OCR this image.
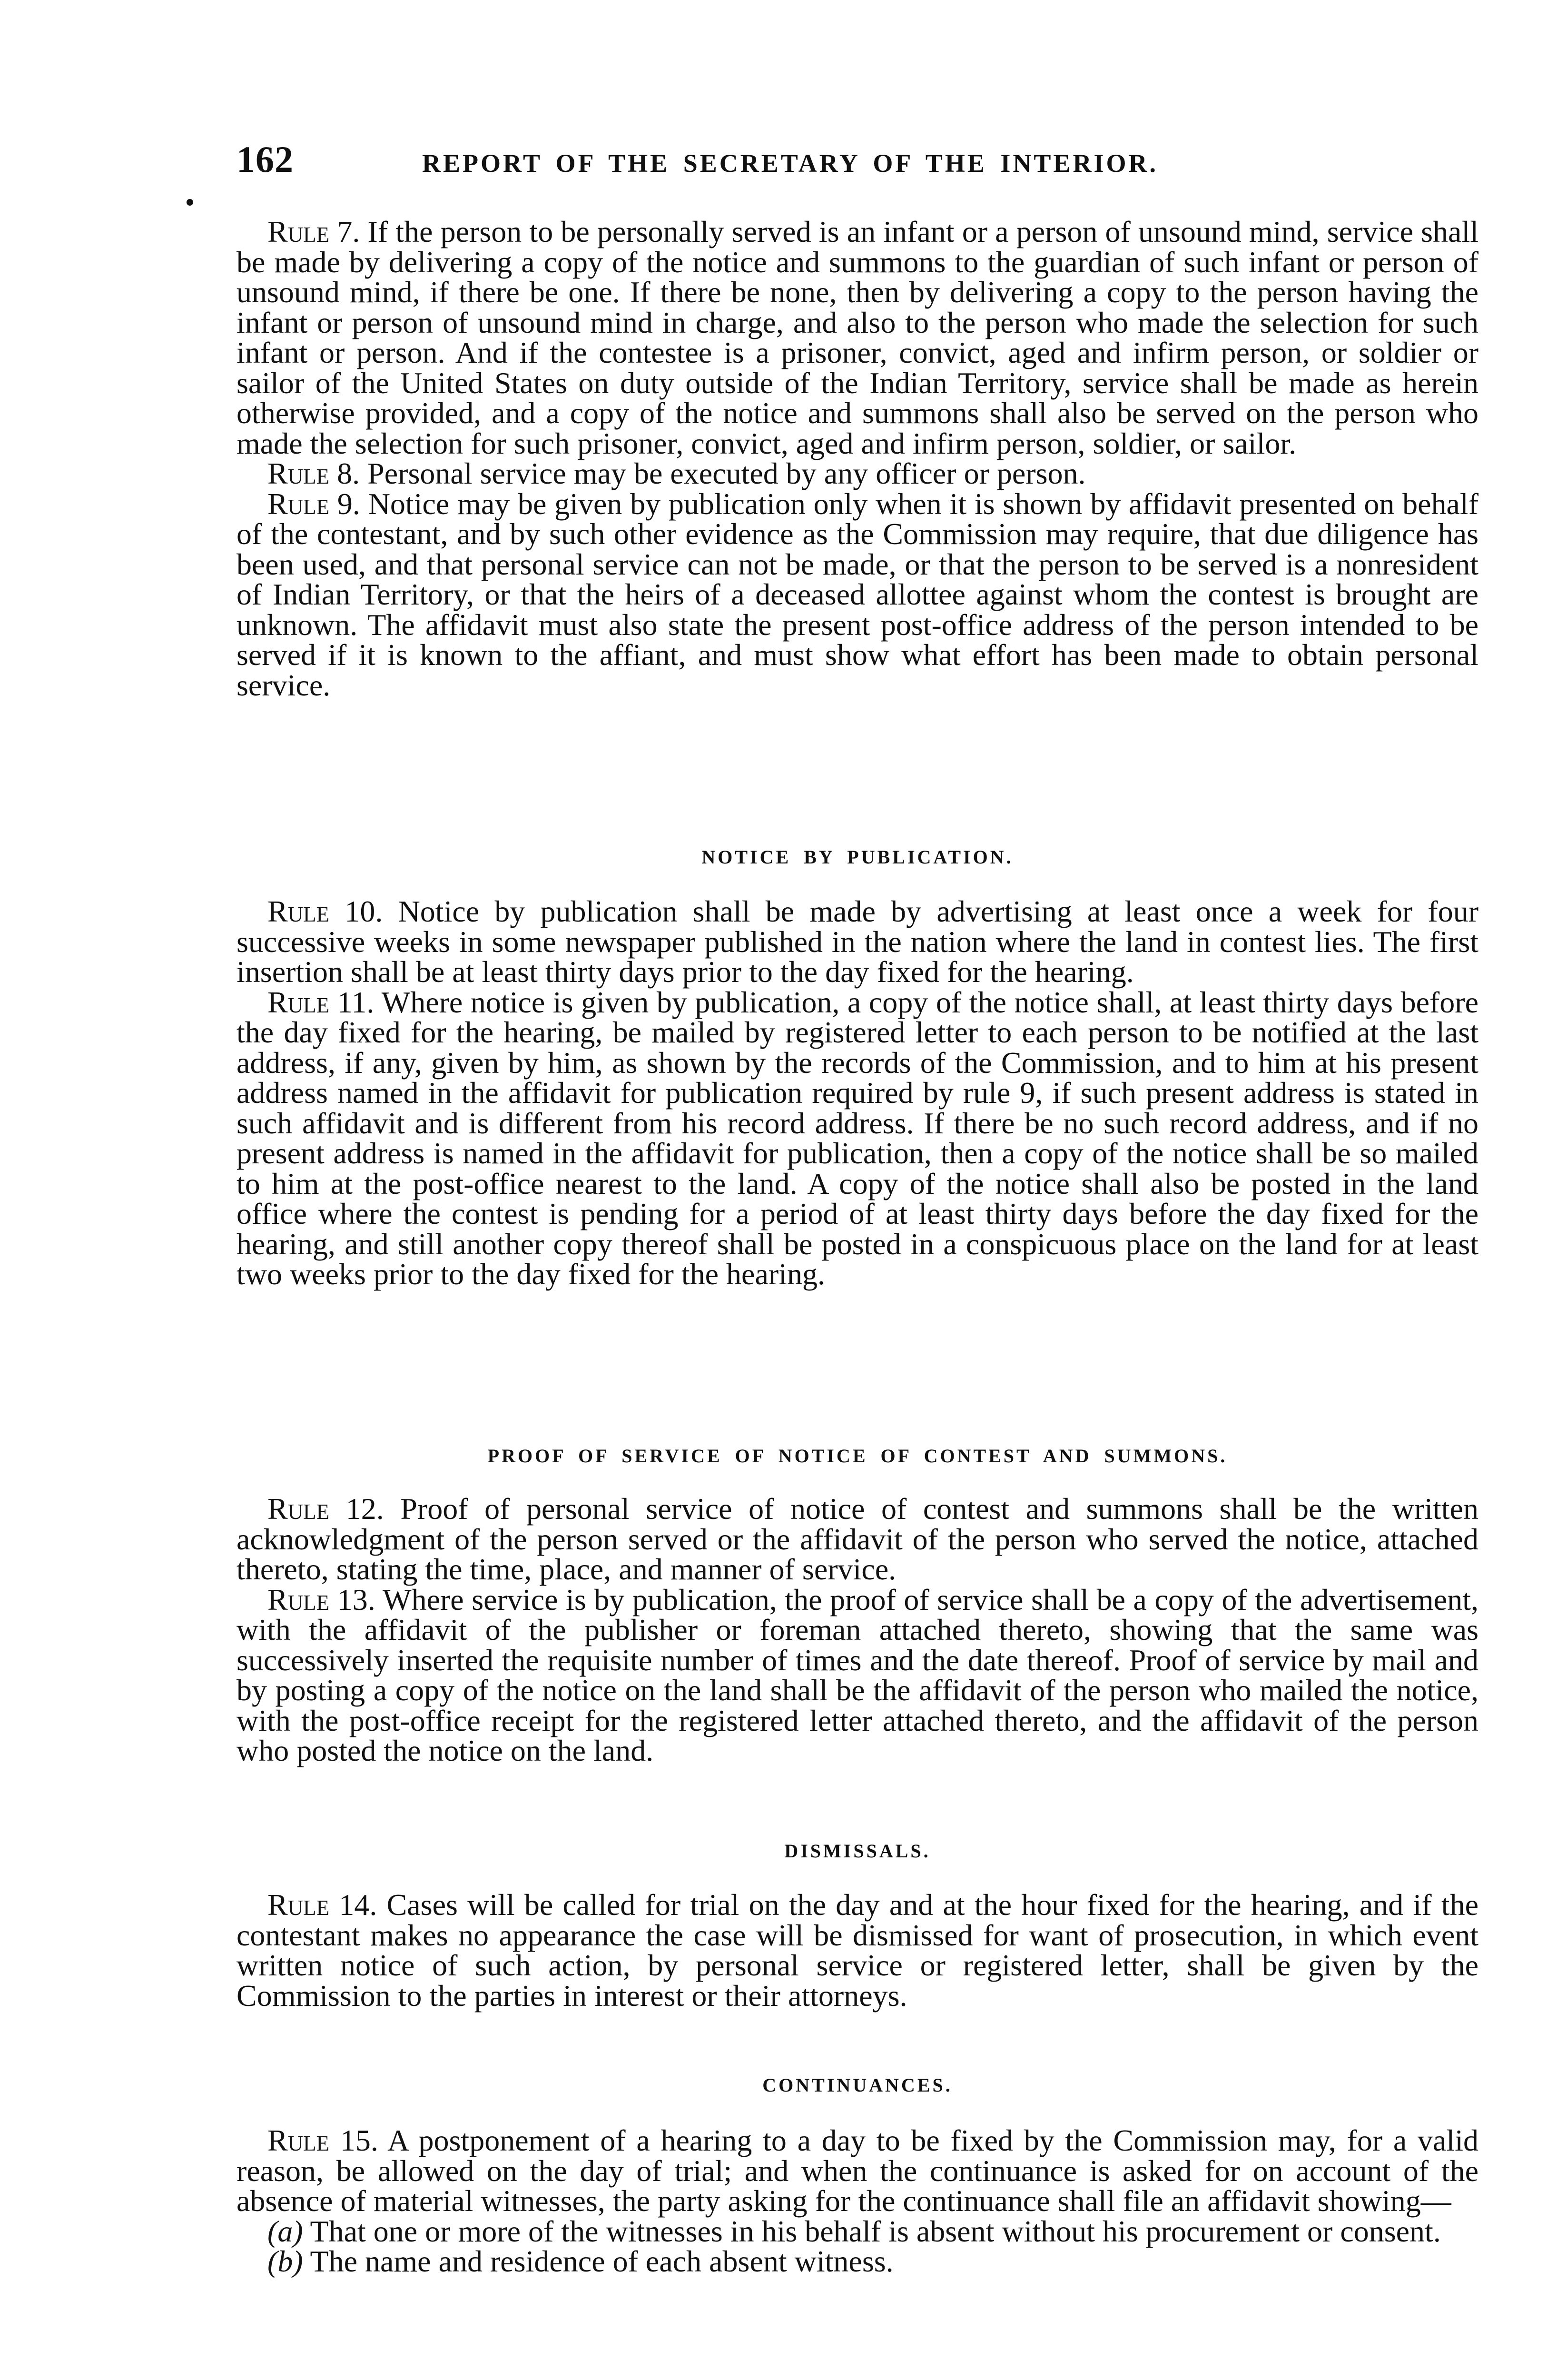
162	REPORT OF THE SECRETARY OF THE INTERIOR.

Rule 7. If the person to be personally served is an infant or a person of unsound mind, service shall be made by delivering a copy of the notice and summons to the guardian of such infant or person of unsound mind, if there be one. If there be none, then by delivering a copy to the person having the infant or person of unsound mind in charge, and also to the person who made the selection for such infant or person. And if the contestee is a prisoner, convict, aged and infirm person, or soldier or sailor of the United States on duty outside of the Indian Territory, service shall be made as herein otherwise provided, and a copy of the notice and summons shall also be served on the person who made the selection for such prisoner, convict, aged and infirm person, soldier, or sailor.

Rule 8. Personal service may be executed by any officer or person.

Rule 9. Notice may be given by publication only when it is shown by affidavit presented on behalf of the contestant, and by such other evidence as the Commission may require, that due diligence has been used, and that personal service can not be made, or that the person to be served is a nonresident of Indian Territory, or that the heirs of a deceased allottee against whom the contest is brought are unknown. The affidavit must also state the present post-office address of the person intended to be served if it is known to the affiant, and must show what effort has been made to obtain personal service.

NOTICE BY PUBLICATION.

Rule 10. Notice by publication shall be made by advertising at least once a week for four successive weeks in some newspaper published in the nation where the land in contest lies. The first insertion shall be at least thirty days prior to the day fixed for the hearing.

Rule 11. Where notice is given by publication, a copy of the notice shall, at least thirty days before the day fixed for the hearing, be mailed by registered letter to each person to be notified at the last address, if any, given by him, as shown by the records of the Commission, and to him at his present address named in the affidavit for publication required by rule 9, if such present address is stated in such affidavit and is different from his record address. If there be no such record address, and if no present address is named in the affidavit for publication, then a copy of the notice shall be so mailed to him at the post-office nearest to the land. A copy of the notice shall also be posted in the land office where the contest is pending for a period of at least thirty days before the day fixed for the hearing, and still another copy thereof shall be posted in a conspicuous place on the land for at least two weeks prior to the day fixed for the hearing.

PROOF OF SERVICE OF NOTICE OF CONTEST AND SUMMONS.

Rule 12. Proof of personal service of notice of contest and summons shall be the written acknowledgment of the person served or the affidavit of the person who served the notice, attached thereto, stating the time, place, and manner of service.

Rule 13. Where service is by publication, the proof of service shall be a copy of the advertisement, with the affidavit of the publisher or foreman attached thereto, showing that the same was successively inserted the requisite number of times and the date thereof. Proof of service by mail and by posting a copy of the notice on the land shall be the affidavit of the person who mailed the notice, with the post-office receipt for the registered letter attached thereto, and the affidavit of the person who posted the notice on the land.

DISMISSALS.

Rule 14. Cases will be called for trial on the day and at the hour fixed for the hearing, and if the contestant makes no appearance the case will be dismissed for want of prosecution, in which event written notice of such action, by personal service or registered letter, shall be given by the Commission to the parties in interest or their attorneys.

CONTINUANCES.

Rule 15. A postponement of a hearing to a day to be fixed by the Commission may, for a valid reason, be allowed on the day of trial; and when the continuance is asked for on account of the absence of material witnesses, the party asking for the continuance shall file an affidavit showing—

(a) That one or more of the witnesses in his behalf is absent without his procurement or consent.

(b) The name and residence of each absent witness.
